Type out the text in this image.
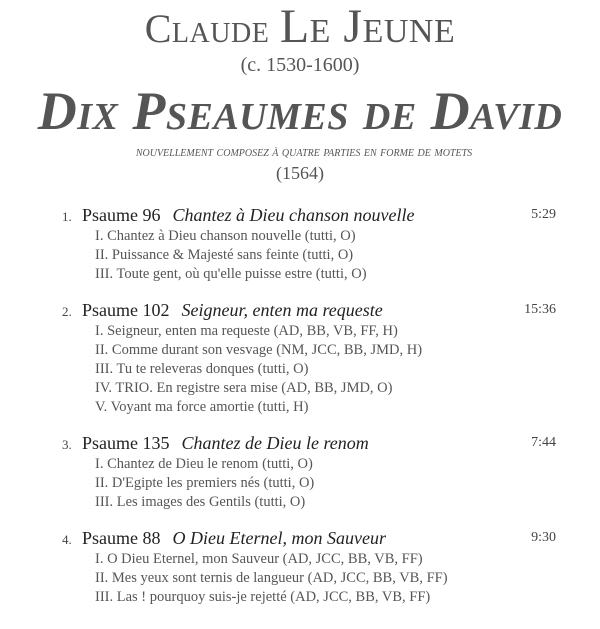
Claude Le Jeune
(c. 1530-1600)
Dix Pseaumes de David
nouvellement composez à quatre parties en forme de motets
(1564)
1. Psaume 96 Chantez à Dieu chanson nouvelle	5:29
I. Chantez à Dieu chanson nouvelle (tutti, O)
II. Puissance & Majesté sans feinte (tutti, O)
III. Toute gent, où qu'elle puisse estre (tutti, O)
2. Psaume 102 Seigneur, enten ma requeste	15:36
I. Seigneur, enten ma requeste (AD, BB, VB, FF, H)
II. Comme durant son vesvage (NM, JCC, BB, JMD, H)
III. Tu te releveras donques (tutti, O)
IV. TRIO. En registre sera mise (AD, BB, JMD, O)
V. Voyant ma force amortie (tutti, H)
3. Psaume 135 Chantez de Dieu le renom	7:44
I. Chantez de Dieu le renom (tutti, O)
II. D'Egipte les premiers nés (tutti, O)
III. Les images des Gentils (tutti, O)
4. Psaume 88 O Dieu Eternel, mon Sauveur	9:30
I. O Dieu Eternel, mon Sauveur (AD, JCC, BB, VB, FF)
II. Mes yeux sont ternis de langueur (AD, JCC, BB, VB, FF)
III. Las ! pourquoy suis-je rejetté (AD, JCC, BB, VB, FF)
